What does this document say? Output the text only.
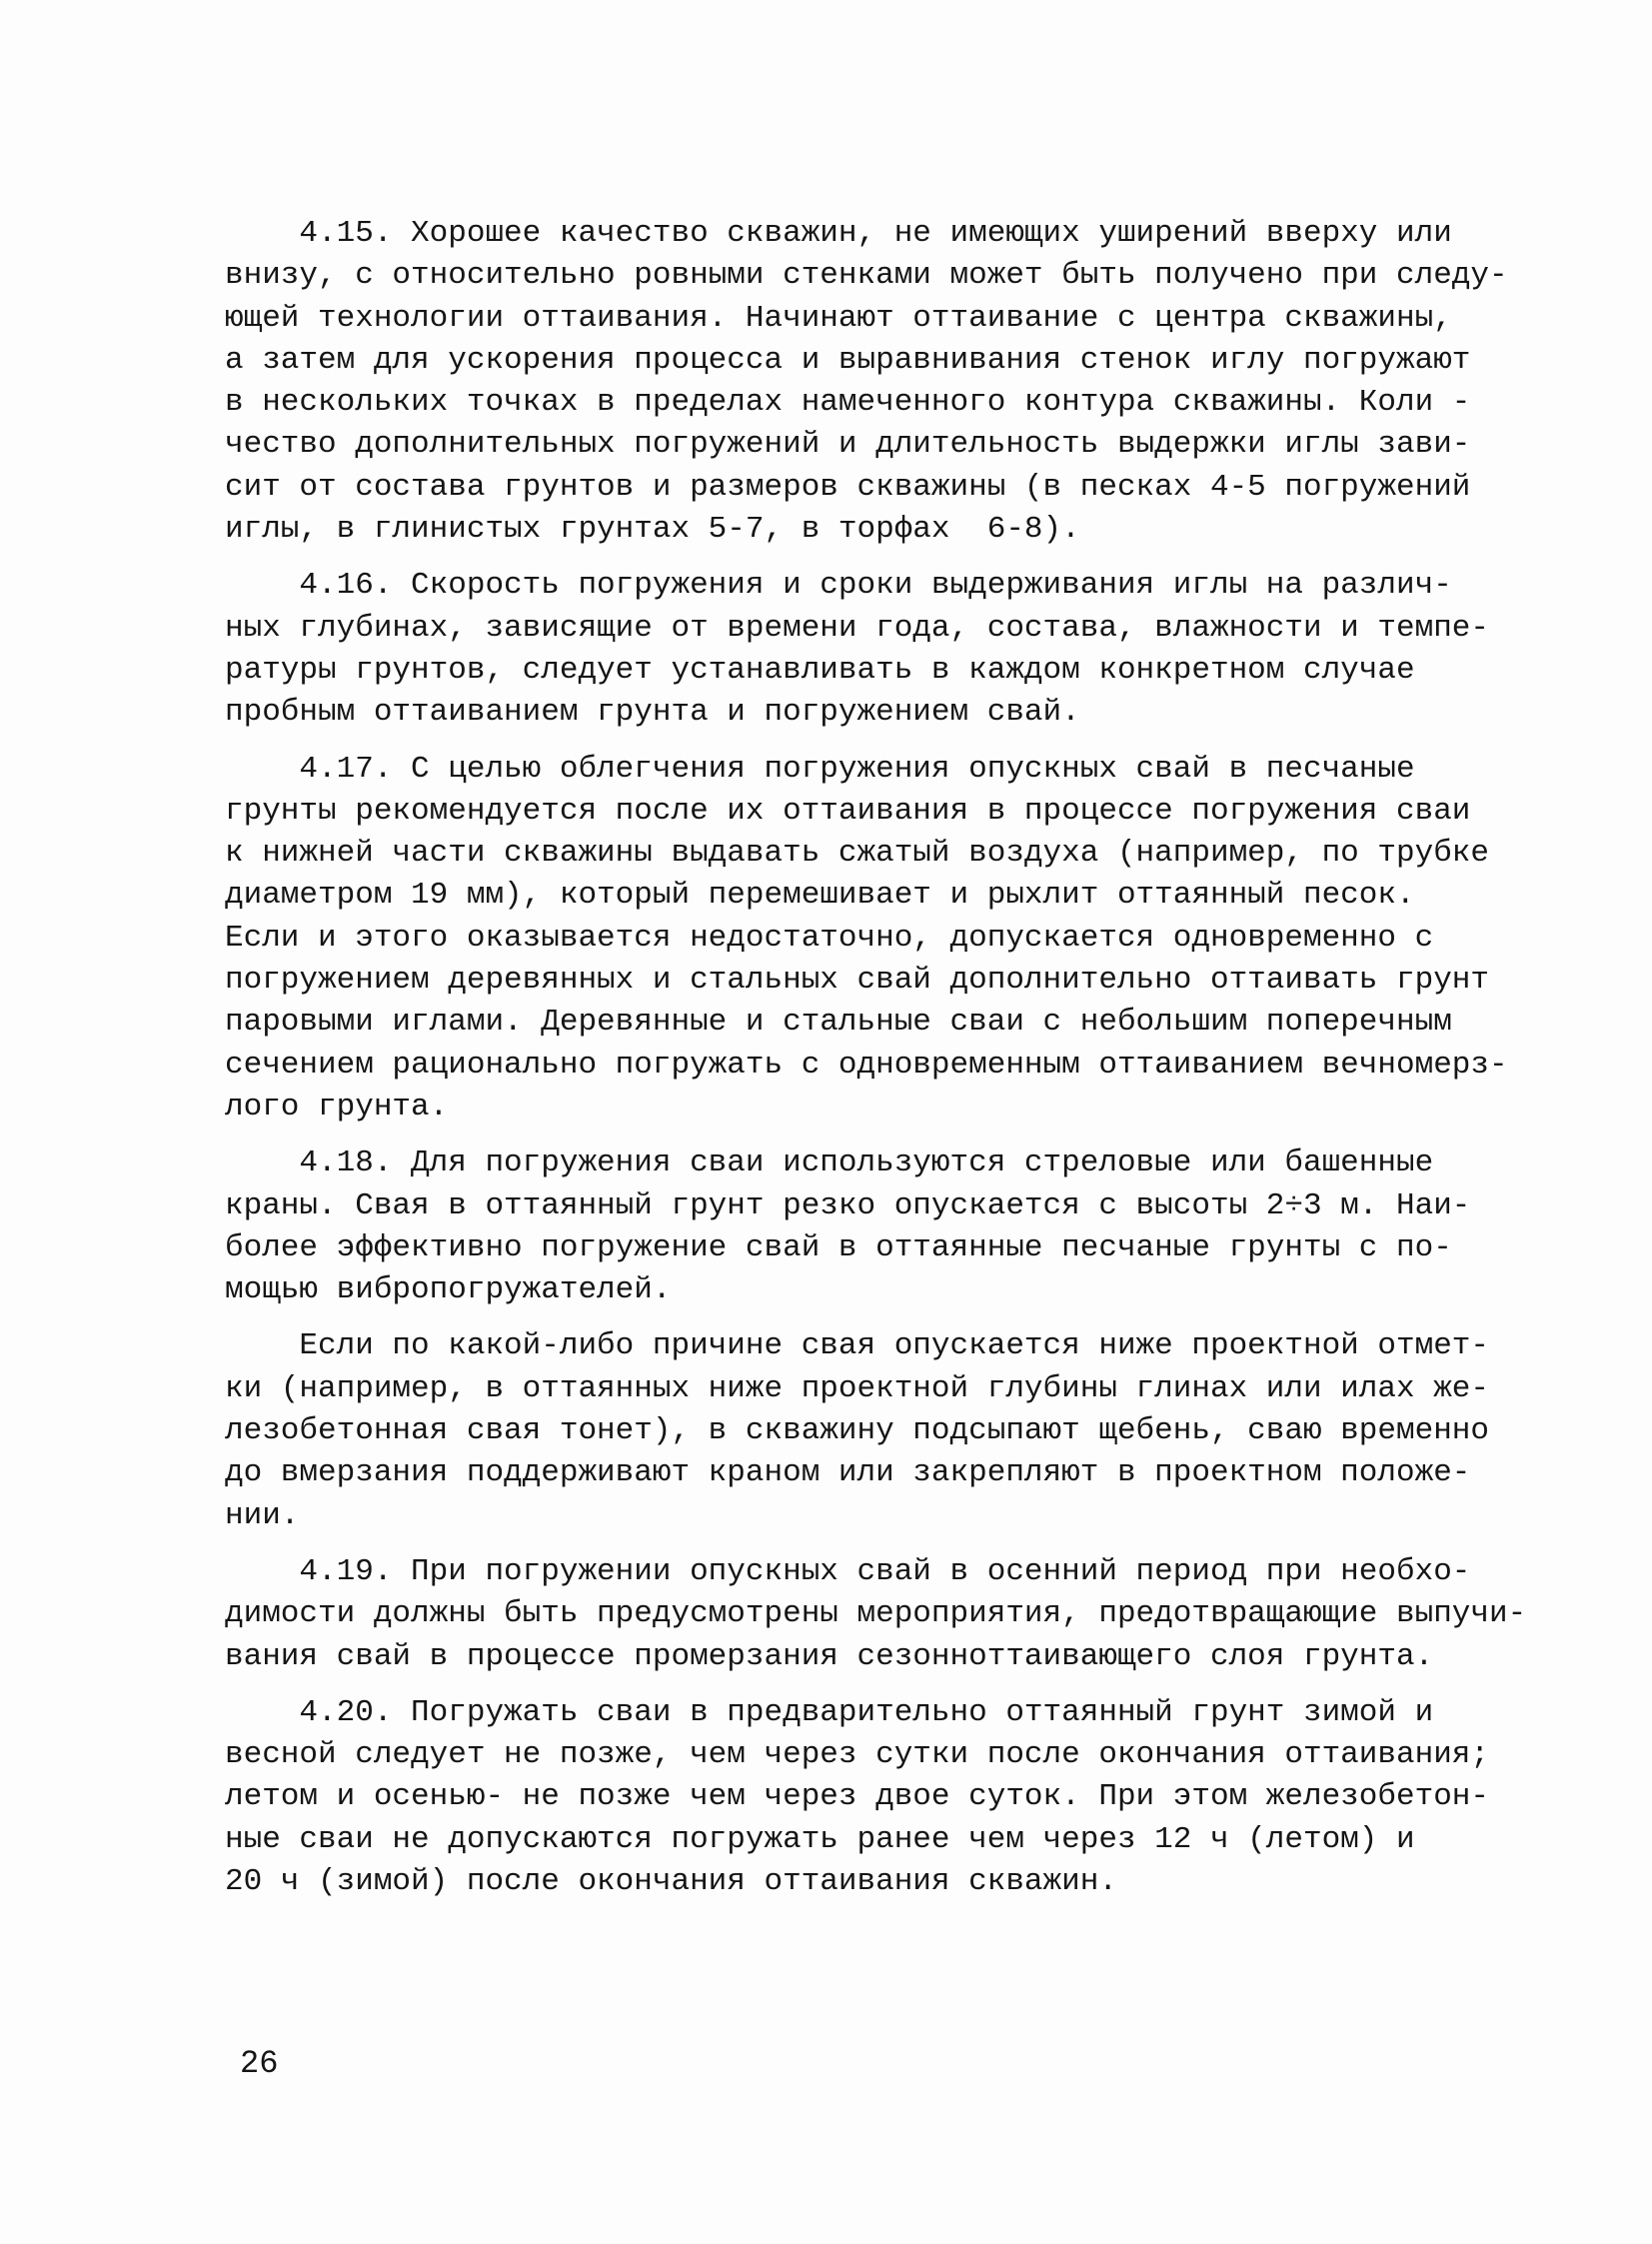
4.15. Хорошее качество скважин, не имеющих уширений вверху или
внизу, с относительно ровными стенками может быть получено при следу-
ющей технологии оттаивания. Начинают оттаивание с центра скважины,
а затем для ускорения процесса и выравнивания стенок иглу погружают
в нескольких точках в пределах намеченного контура скважины. Коли -
чество дополнительных погружений и длительность выдержки иглы зави-
сит от состава грунтов и размеров скважины (в песках 4-5 погружений
иглы, в глинистых грунтах 5-7, в торфах  6-8).
4.16. Скорость погружения и сроки выдерживания иглы на различ-
ных глубинах, зависящие от времени года, состава, влажности и темпе-
ратуры грунтов, следует устанавливать в каждом конкретном случае
пробным оттаиванием грунта и погружением свай.
4.17. С целью облегчения погружения опускных свай в песчаные
грунты рекомендуется после их оттаивания в процессе погружения сваи
к нижней части скважины выдавать сжатый воздуха (например, по трубке
диаметром 19 мм), который перемешивает и рыхлит оттаянный песок.
Если и этого оказывается недостаточно, допускается одновременно с
погружением деревянных и стальных свай дополнительно оттаивать грунт
паровыми иглами. Деревянные и стальные сваи с небольшим поперечным
сечением рационально погружать с одновременным оттаиванием вечномерз-
лого грунта.
4.18. Для погружения сваи используются стреловые или башенные
краны. Свая в оттаянный грунт резко опускается с высоты 2÷3 м. Наи-
более эффективно погружение свай в оттаянные песчаные грунты с по-
мощью вибропогружателей.
Если по какой-либо причине свая опускается ниже проектной отмет-
ки (например, в оттаянных ниже проектной глубины глинах или илах же-
лезобетонная свая тонет), в скважину подсыпают щебень, сваю временно
до вмерзания поддерживают краном или закрепляют в проектном положе-
нии.
4.19. При погружении опускных свай в осенний период при необхо-
димости должны быть предусмотрены мероприятия, предотвращающие выпучи-
вания свай в процессе промерзания сезонноттаивающего слоя грунта.
4.20. Погружать сваи в предварительно оттаянный грунт зимой и
весной следует не позже, чем через сутки после окончания оттаивания;
летом и осенью- не позже чем через двое суток. При этом железобетон-
ные сваи не допускаются погружать ранее чем через 12 ч (летом) и
20 ч (зимой) после окончания оттаивания скважин.
26
